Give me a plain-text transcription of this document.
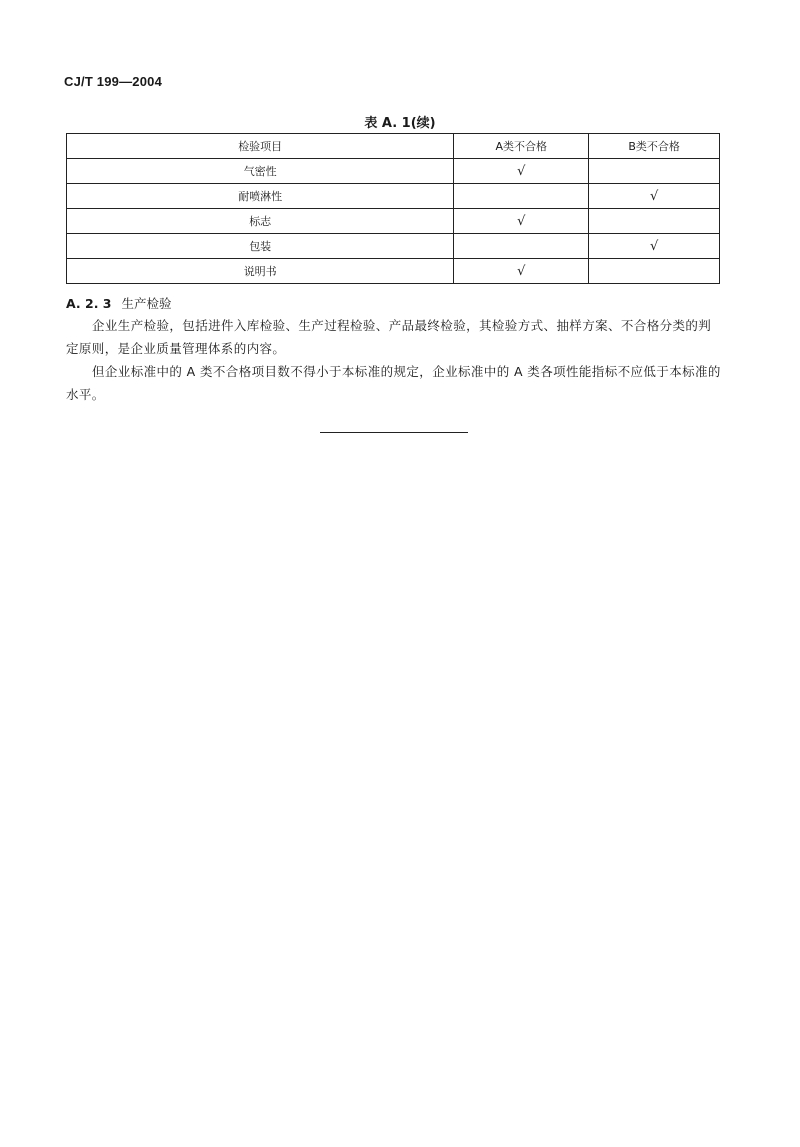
CJ/T 199—2004
表 A. 1(续)
检验项目	A类不合格	B类不合格
气密性	√	
耐喷淋性		√
标志	√	
包装		√
说明书	√	
A. 2. 3 生产检验

企业生产检验，包括进件入库检验、生产过程检验、产品最终检验，其检验方式、抽样方案、不合格分类的判定原则，是企业质量管理体系的内容。

但企业标准中的 A 类不合格项目数不得小于本标准的规定，企业标准中的 A 类各项性能指标不应低于本标准的水平。
